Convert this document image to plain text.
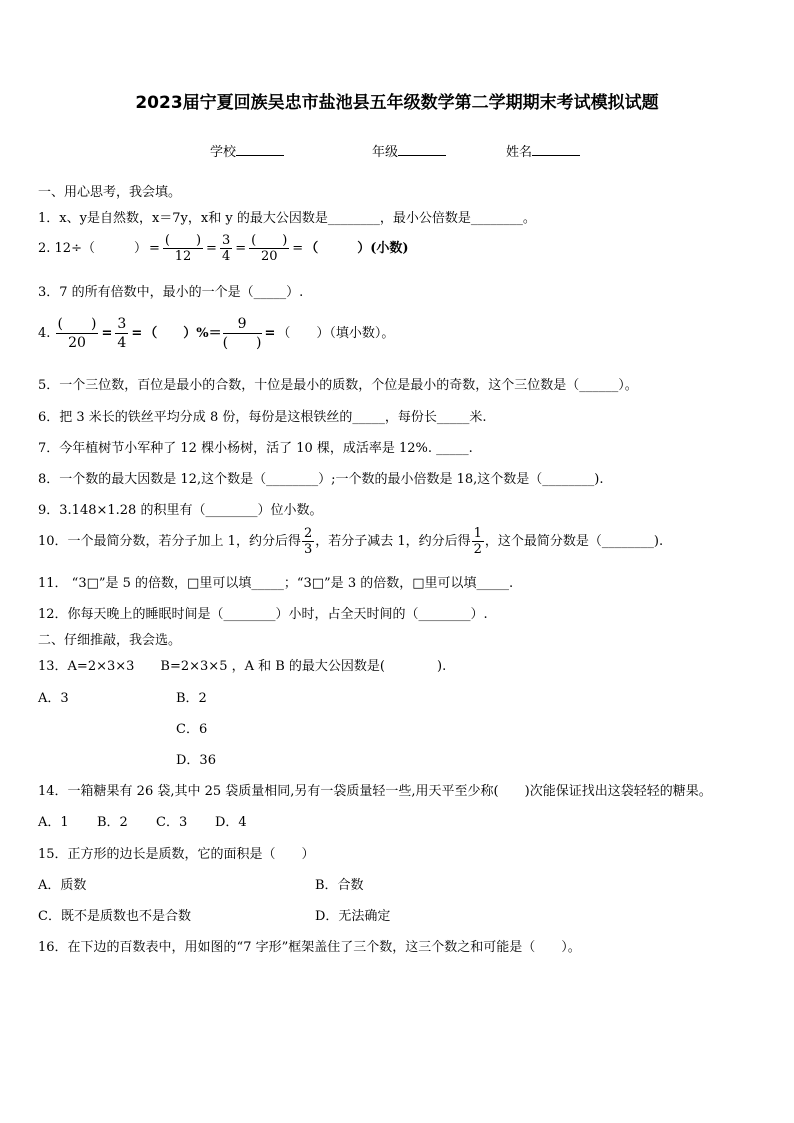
2023届宁夏回族吴忠市盐池县五年级数学第二学期期末考试模拟试题
学校	年级	姓名
一、用心思考，我会填。
1．x、y是自然数，x＝7y，x和 y 的最大公因数是________，最小公倍数是________。
2. 12÷（　　　） = $\frac{( )}{12} = \frac{3}{4} = \frac{( )}{20}$ = （　　　）(小数)
3．7 的所有倍数中，最小的一个是（_____）.
4. $\frac{( )}{20} = \frac{3}{4}$ = （　　）%＝ $\frac{9}{( )}$ = （　　）（填小数）。
5．一个三位数，百位是最小的合数，十位是最小的质数，个位是最小的奇数，这个三位数是（______）。
6．把 3 米长的铁丝平均分成 8 份，每份是这根铁丝的_____，每份长_____米.
7．今年植树节小军种了 12 棵小杨树，活了 10 棵，成活率是 12%. _____.
8．一个数的最大因数是 12,这个数是（________）;一个数的最小倍数是 18,这个数是（________).
9．3.148×1.28 的积里有（________）位小数。
10．一个最简分数，若分子加上 1，约分后得 $\frac{2}{3}$ ，若分子减去 1，约分后得 $\frac{1}{2}$ ，这个最简分数是（________).
11． “3□”是 5 的倍数，□里可以填_____；“3□”是 3 的倍数，□里可以填_____.
12．你每天晚上的睡眠时间是（________）小时，占全天时间的（________）.
二、仔细推敲，我会选。
13．A=2×3×3　　B=2×3×5 ，A 和 B 的最大公因数是(　　　　).
A．3	B．2
C．6
D．36
14．一箱糖果有 26 袋,其中 25 袋质量相同,另有一袋质量轻一些,用天平至少称(　　)次能保证找出这袋轻轻的糖果。
A．1 B．2 C．3 D．4
15．正方形的边长是质数，它的面积是（　　）
A．质数	B．合数
C．既不是质数也不是合数	D．无法确定
16．在下边的百数表中，用如图的“7 字形”框架盖住了三个数，这三个数之和可能是（　　）。
